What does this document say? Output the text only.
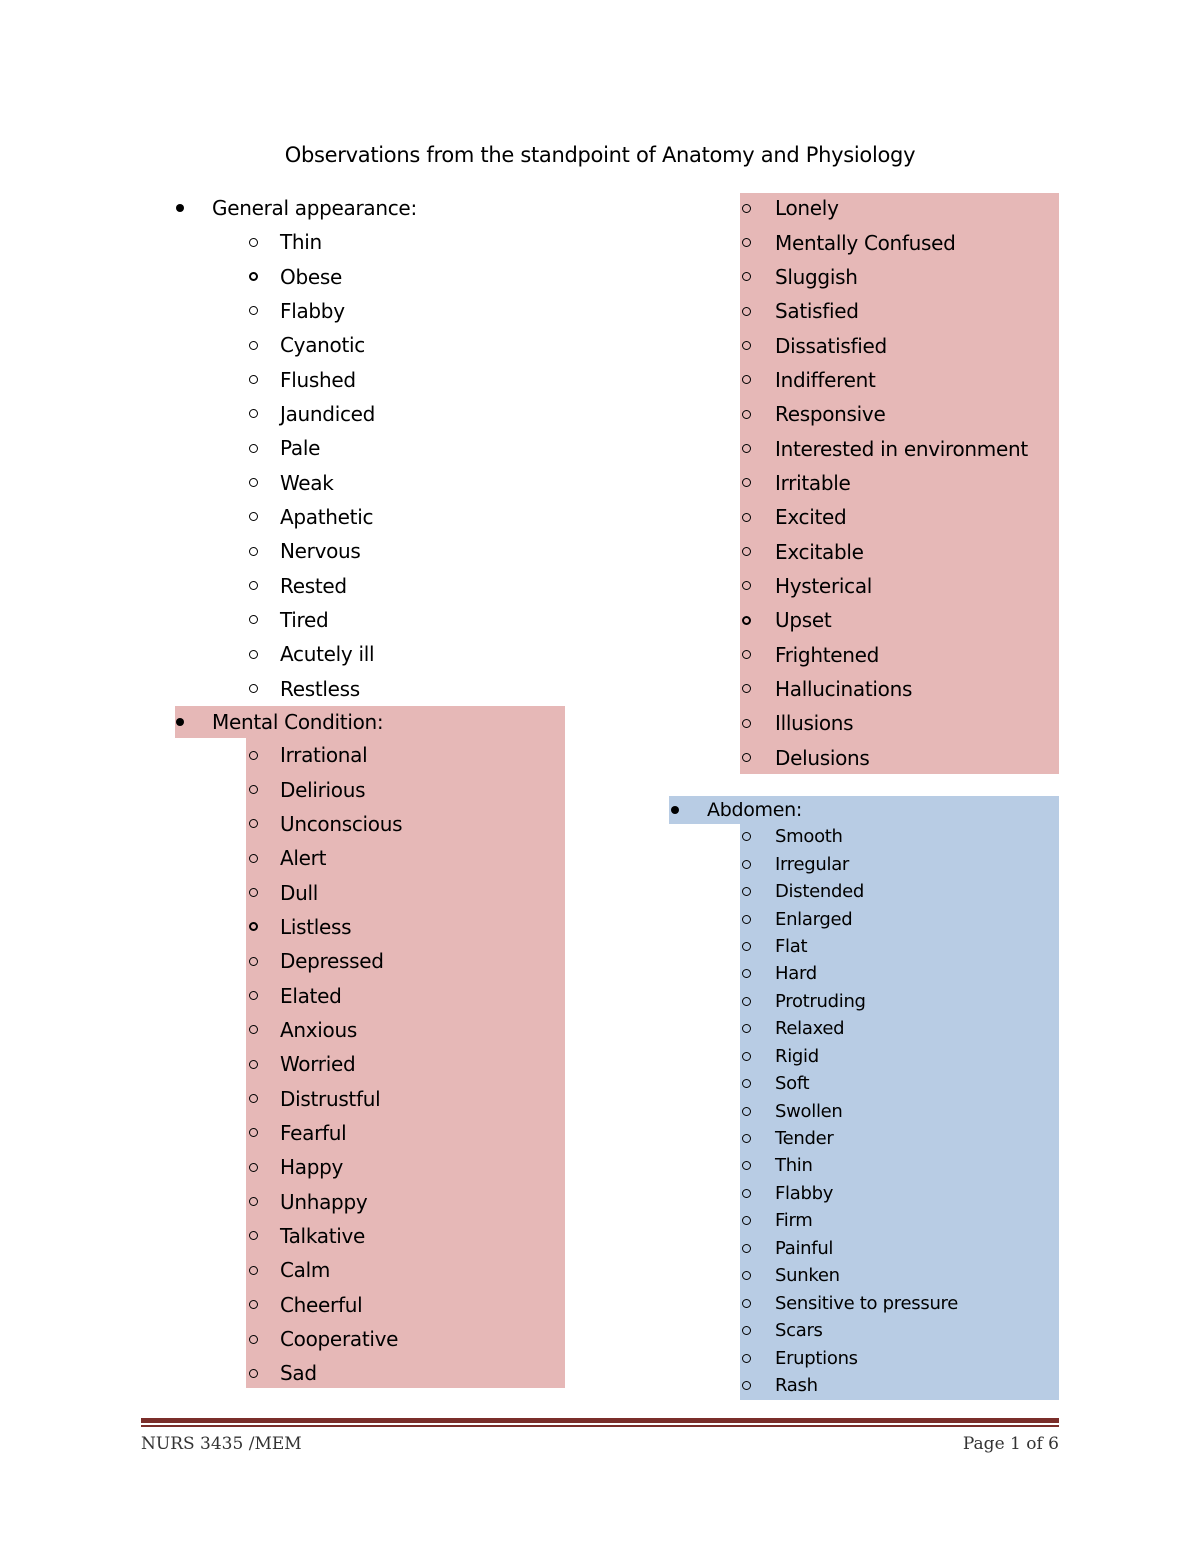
Observations from the standpoint of Anatomy and Physiology
General appearance:
Thin
Obese
Flabby
Cyanotic
Flushed
Jaundiced
Pale
Weak
Apathetic
Nervous
Rested
Tired
Acutely ill
Restless
Mental Condition:
Irrational
Delirious
Unconscious
Alert
Dull
Listless
Depressed
Elated
Anxious
Worried
Distrustful
Fearful
Happy
Unhappy
Talkative
Calm
Cheerful
Cooperative
Sad
Lonely
Mentally Confused
Sluggish
Satisfied
Dissatisfied
Indifferent
Responsive
Interested in environment
Irritable
Excited
Excitable
Hysterical
Upset
Frightened
Hallucinations
Illusions
Delusions
Abdomen:
Smooth
Irregular
Distended
Enlarged
Flat
Hard
Protruding
Relaxed
Rigid
Soft
Swollen
Tender
Thin
Flabby
Firm
Painful
Sunken
Sensitive to pressure
Scars
Eruptions
Rash
NURS 3435 /MEM	Page 1 of 6
